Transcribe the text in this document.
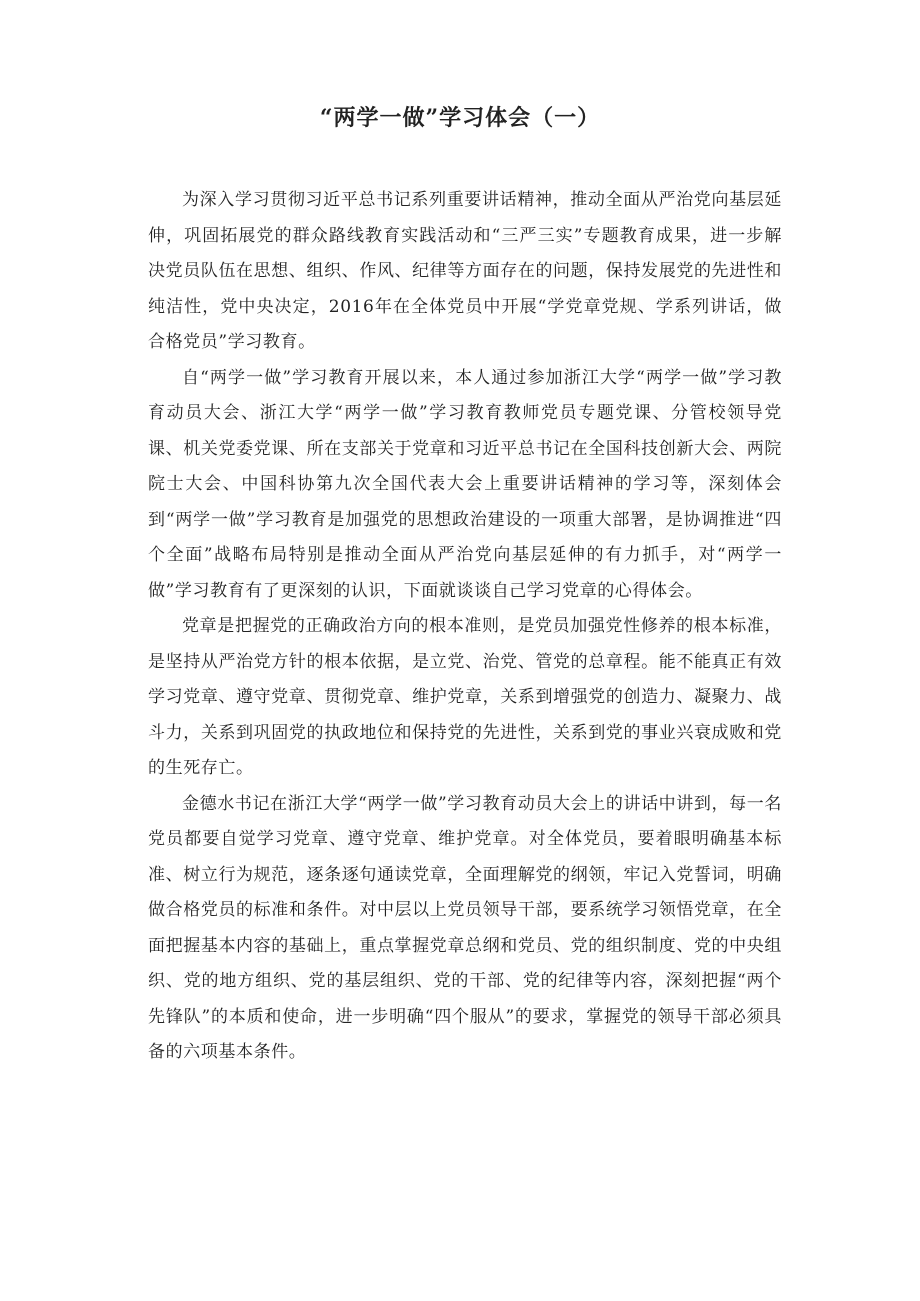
“两学一做”学习体会（一）

为深入学习贯彻习近平总书记系列重要讲话精神，推动全面从严治党向基层延伸，巩固拓展党的群众路线教育实践活动和“三严三实”专题教育成果，进一步解决党员队伍在思想、组织、作风、纪律等方面存在的问题，保持发展党的先进性和纯洁性，党中央决定，2016年在全体党员中开展“学党章党规、学系列讲话，做合格党员”学习教育。

自“两学一做”学习教育开展以来，本人通过参加浙江大学“两学一做”学习教育动员大会、浙江大学“两学一做”学习教育教师党员专题党课、分管校领导党课、机关党委党课、所在支部关于党章和习近平总书记在全国科技创新大会、两院院士大会、中国科协第九次全国代表大会上重要讲话精神的学习等，深刻体会到“两学一做”学习教育是加强党的思想政治建设的一项重大部署，是协调推进“四个全面”战略布局特别是推动全面从严治党向基层延伸的有力抓手，对“两学一做”学习教育有了更深刻的认识，下面就谈谈自己学习党章的心得体会。

党章是把握党的正确政治方向的根本准则，是党员加强党性修养的根本标准，是坚持从严治党方针的根本依据，是立党、治党、管党的总章程。能不能真正有效学习党章、遵守党章、贯彻党章、维护党章，关系到增强党的创造力、凝聚力、战斗力，关系到巩固党的执政地位和保持党的先进性，关系到党的事业兴衰成败和党的生死存亡。

金德水书记在浙江大学“两学一做”学习教育动员大会上的讲话中讲到，每一名党员都要自觉学习党章、遵守党章、维护党章。对全体党员，要着眼明确基本标准、树立行为规范，逐条逐句通读党章，全面理解党的纲领，牢记入党誓词，明确做合格党员的标准和条件。对中层以上党员领导干部，要系统学习领悟党章，在全面把握基本内容的基础上，重点掌握党章总纲和党员、党的组织制度、党的中央组织、党的地方组织、党的基层组织、党的干部、党的纪律等内容，深刻把握“两个先锋队”的本质和使命，进一步明确“四个服从”的要求，掌握党的领导干部必须具备的六项基本条件。
